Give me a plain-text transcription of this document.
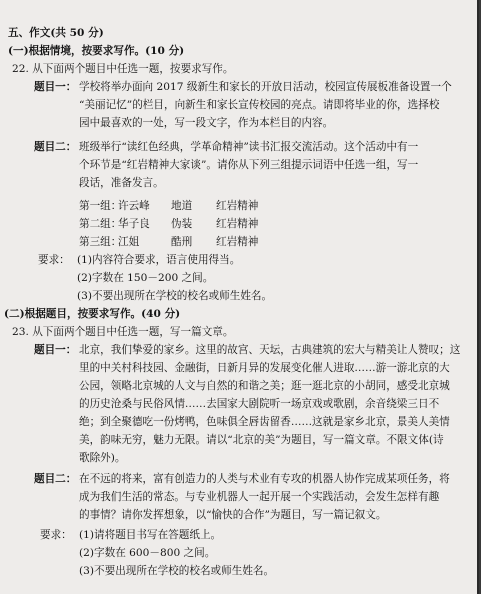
五、作文(共 50 分)
(一)根据情境，按要求写作。(10 分)
22. 从下面两个题目中任选一题，按要求写作。
题目一： 学校将举办面向 2017 级新生和家长的开放日活动，校园宣传展板准备设置一个
“美丽记忆”的栏目，向新生和家长宣传校园的亮点。请即将毕业的你，选择校
园中最喜欢的一处，写一段文字，作为本栏目的内容。
题目二： 班级举行“读红色经典，学革命精神”读书汇报交流活动。这个活动中有一
个环节是“红岩精神大家谈”。请你从下列三组提示词语中任选一组，写一
段话，准备发言。
第一组：
许云峰 地道 红岩精神
第二组：
华子良 伪装 红岩精神
第三组：
江姐	酷刑 红岩精神
要求： (1)内容符合要求，语言使用得当。
(2)字数在 150－200 之间。
(3)不要出现所在学校的校名或师生姓名。
(二)根据题目，按要求写作。(40 分)
23. 从下面两个题目中任选一题，写一篇文章。
题目一： 北京，我们挚爱的家乡。这里的故宫、天坛，古典建筑的宏大与精美让人赞叹；这
里的中关村科技园、金融街，日新月异的发展变化催人进取……游一游北京的大
公园，领略北京城的人文与自然的和谐之美；逛一逛北京的小胡同，感受北京城
的历史沧桑与民俗风情……去国家大剧院听一场京戏或歌剧，余音绕梁三日不
绝；到全聚德吃一份烤鸭，色味俱全唇齿留香……这就是家乡北京，景美人美情
美，韵味无穷，魅力无限。请以“北京的美”为题目，写一篇文章。不限文体(诗
歌除外)。
题目二： 在不远的将来，富有创造力的人类与术业有专攻的机器人协作完成某项任务，将
成为我们生活的常态。与专业机器人一起开展一个实践活动，会发生怎样有趣
的事情？请你发挥想象，以“愉快的合作”为题目，写一篇记叙文。
要求： (1)请将题目书写在答题纸上。
(2)字数在 600－800 之间。
(3)不要出现所在学校的校名或师生姓名。
